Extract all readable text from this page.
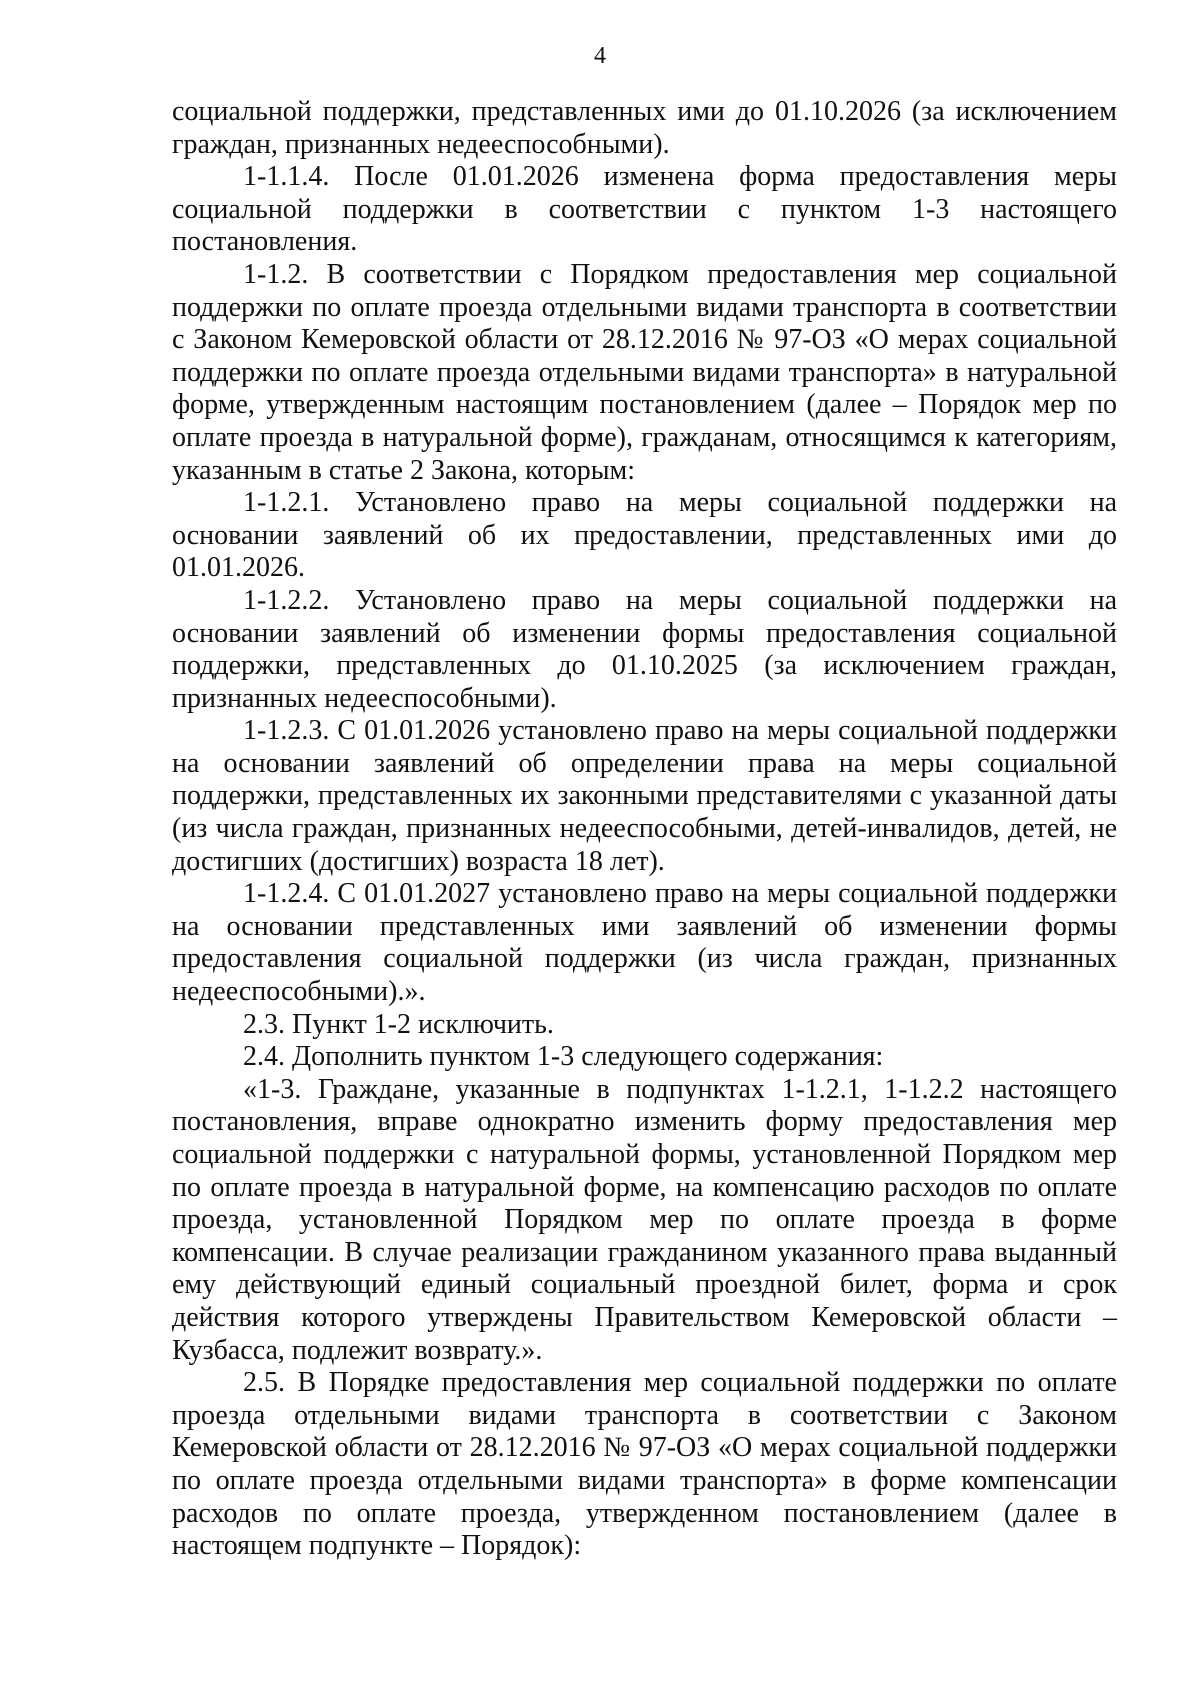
4

социальной поддержки, представленных ими до 01.10.2026 (за исключением граждан, признанных недееспособными).

1-1.1.4. После 01.01.2026 изменена форма предоставления меры социальной поддержки в соответствии с пунктом 1-3 настоящего постановления.

1-1.2. В соответствии с Порядком предоставления мер социальной поддержки по оплате проезда отдельными видами транспорта в соответствии с Законом Кемеровской области от 28.12.2016 № 97-ОЗ «О мерах социальной поддержки по оплате проезда отдельными видами транспорта» в натуральной форме, утвержденным настоящим постановлением (далее – Порядок мер по оплате проезда в натуральной форме), гражданам, относящимся к категориям, указанным в статье 2 Закона, которым:

1-1.2.1. Установлено право на меры социальной поддержки на основании заявлений об их предоставлении, представленных ими до 01.01.2026.

1-1.2.2. Установлено право на меры социальной поддержки на основании заявлений об изменении формы предоставления социальной поддержки, представленных до 01.10.2025 (за исключением граждан, признанных недееспособными).

1-1.2.3. С 01.01.2026 установлено право на меры социальной поддержки на основании заявлений об определении права на меры социальной поддержки, представленных их законными представителями с указанной даты (из числа граждан, признанных недееспособными, детей-инвалидов, детей, не достигших (достигших) возраста 18 лет).

1-1.2.4. С 01.01.2027 установлено право на меры социальной поддержки на основании представленных ими заявлений об изменении формы предоставления социальной поддержки (из числа граждан, признанных недееспособными).».

2.3. Пункт 1-2 исключить.

2.4. Дополнить пунктом 1-3 следующего содержания:

«1-3. Граждане, указанные в подпунктах 1-1.2.1, 1-1.2.2 настоящего постановления, вправе однократно изменить форму предоставления мер социальной поддержки с натуральной формы, установленной Порядком мер по оплате проезда в натуральной форме, на компенсацию расходов по оплате проезда, установленной Порядком мер по оплате проезда в форме компенсации. В случае реализации гражданином указанного права выданный ему действующий единый социальный проездной билет, форма и срок действия которого утверждены Правительством Кемеровской области – Кузбасса, подлежит возврату.».

2.5. В Порядке предоставления мер социальной поддержки по оплате проезда отдельными видами транспорта в соответствии с Законом Кемеровской области от 28.12.2016 № 97-ОЗ «О мерах социальной поддержки по оплате проезда отдельными видами транспорта» в форме компенсации расходов по оплате проезда, утвержденном постановлением (далее в настоящем подпункте – Порядок):
